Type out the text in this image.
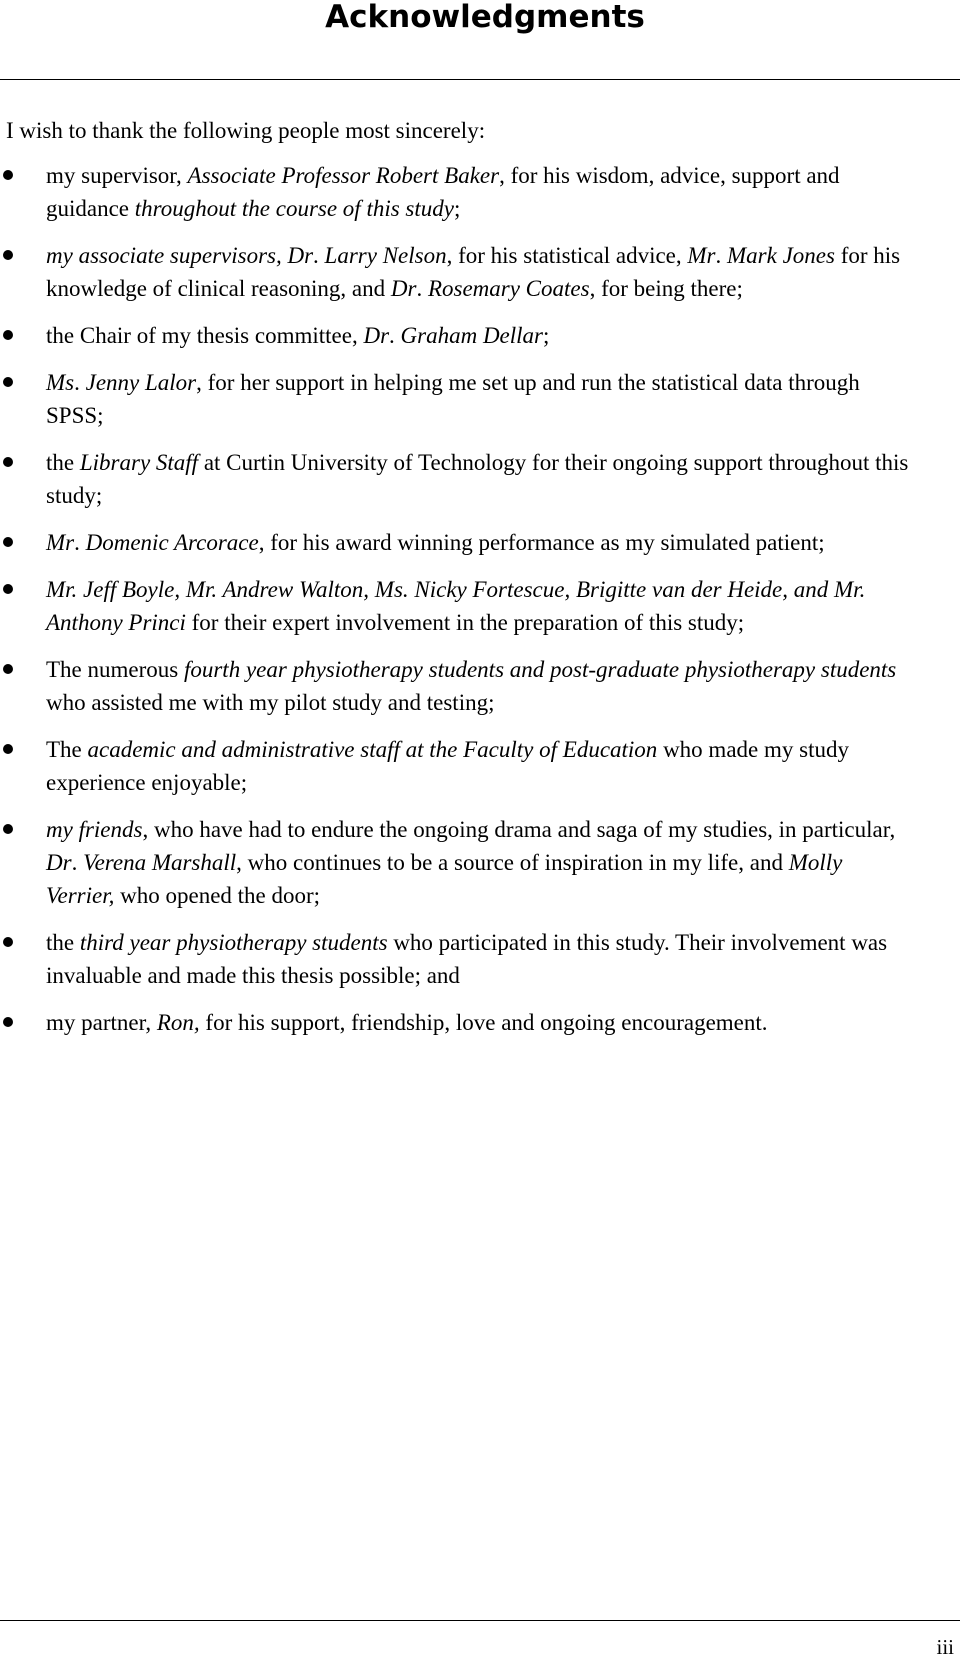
Acknowledgments

I wish to thank the following people most sincerely:

my supervisor, Associate Professor Robert Baker, for his wisdom, advice, support and guidance throughout the course of this study;
my associate supervisors, Dr. Larry Nelson, for his statistical advice, Mr. Mark Jones for his knowledge of clinical reasoning, and Dr. Rosemary Coates, for being there;
the Chair of my thesis committee, Dr. Graham Dellar;
Ms. Jenny Lalor, for her support in helping me set up and run the statistical data through SPSS;
the Library Staff at Curtin University of Technology for their ongoing support throughout this study;
Mr. Domenic Arcorace, for his award winning performance as my simulated patient;
Mr. Jeff Boyle, Mr. Andrew Walton, Ms. Nicky Fortescue, Brigitte van der Heide, and Mr. Anthony Princi for their expert involvement in the preparation of this study;
The numerous fourth year physiotherapy students and post-graduate physiotherapy students who assisted me with my pilot study and testing;
The academic and administrative staff at the Faculty of Education who made my study experience enjoyable;
my friends, who have had to endure the ongoing drama and saga of my studies, in particular, Dr. Verena Marshall, who continues to be a source of inspiration in my life, and Molly Verrier, who opened the door;
the third year physiotherapy students who participated in this study. Their involvement was invaluable and made this thesis possible; and
my partner, Ron, for his support, friendship, love and ongoing encouragement.
iii
